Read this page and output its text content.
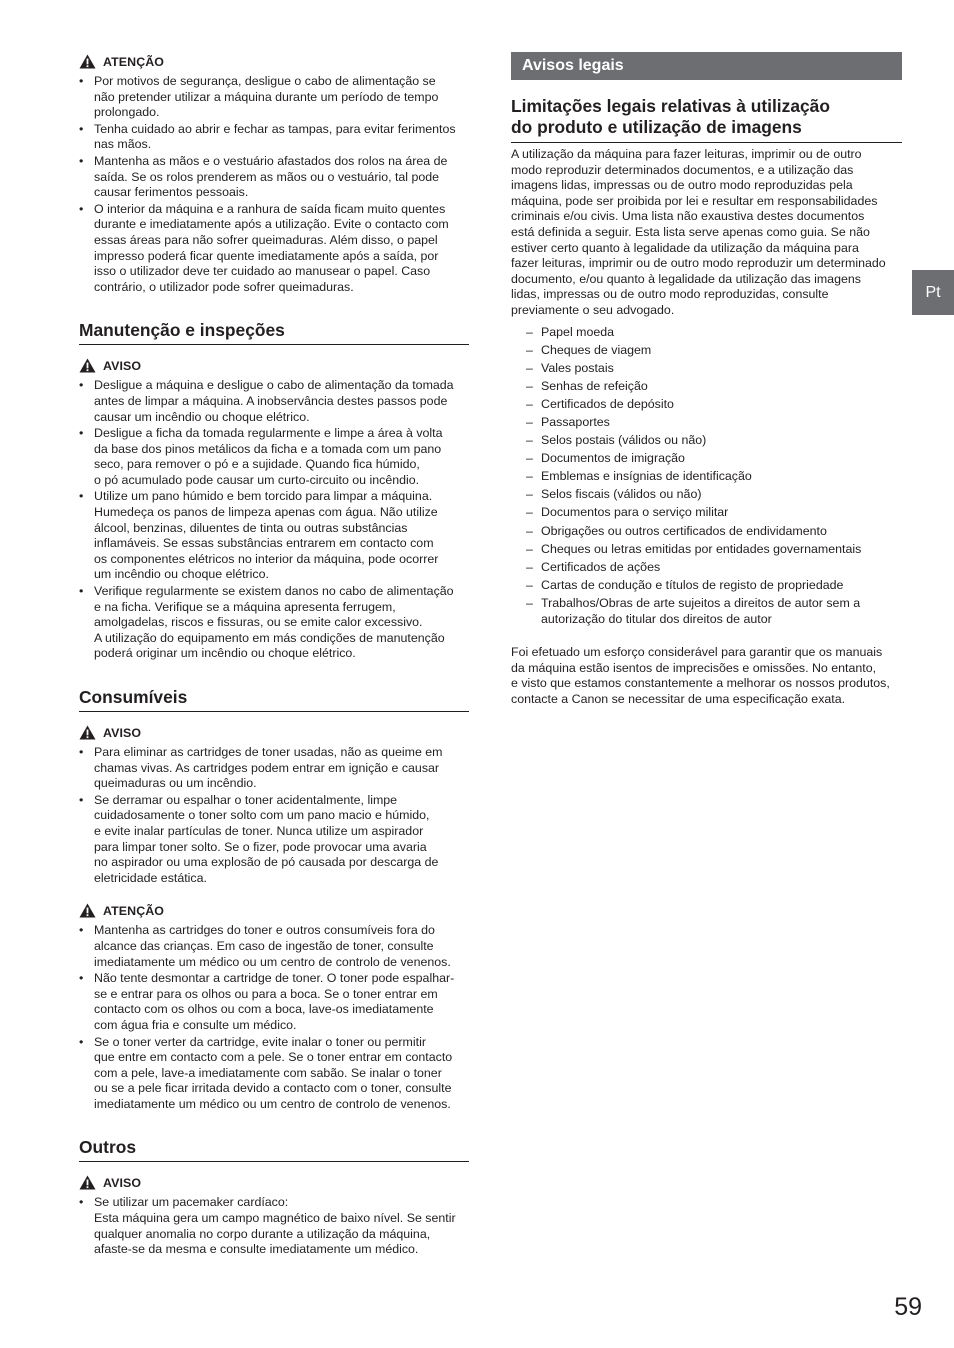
ATENÇÃO
• Por motivos de segurança, desligue o cabo de alimentação se
não pretender utilizar a máquina durante um período de tempo
prolongado.
• Tenha cuidado ao abrir e fechar as tampas, para evitar ferimentos
nas mãos.
• Mantenha as mãos e o vestuário afastados dos rolos na área de
saída. Se os rolos prenderem as mãos ou o vestuário, tal pode
causar ferimentos pessoais.
• O interior da máquina e a ranhura de saída ficam muito quentes
durante e imediatamente após a utilização. Evite o contacto com
essas áreas para não sofrer queimaduras. Além disso, o papel
impresso poderá ficar quente imediatamente após a saída, por
isso o utilizador deve ter cuidado ao manusear o papel. Caso
contrário, o utilizador pode sofrer queimaduras.
Manutenção e inspeções
AVISO
• Desligue a máquina e desligue o cabo de alimentação da tomada
antes de limpar a máquina. A inobservância destes passos pode
causar um incêndio ou choque elétrico.
• Desligue a ficha da tomada regularmente e limpe a área à volta
da base dos pinos metálicos da ficha e a tomada com um pano
seco, para remover o pó e a sujidade. Quando fica húmido,
o pó acumulado pode causar um curto-circuito ou incêndio.
• Utilize um pano húmido e bem torcido para limpar a máquina.
Humedeça os panos de limpeza apenas com água. Não utilize
álcool, benzinas, diluentes de tinta ou outras substâncias
inflamáveis. Se essas substâncias entrarem em contacto com
os componentes elétricos no interior da máquina, pode ocorrer
um incêndio ou choque elétrico.
• Verifique regularmente se existem danos no cabo de alimentação
e na ficha. Verifique se a máquina apresenta ferrugem,
amolgadelas, riscos e fissuras, ou se emite calor excessivo.
A utilização do equipamento em más condições de manutenção
poderá originar um incêndio ou choque elétrico.
Consumíveis
AVISO
• Para eliminar as cartridges de toner usadas, não as queime em
chamas vivas. As cartridges podem entrar em ignição e causar
queimaduras ou um incêndio.
• Se derramar ou espalhar o toner acidentalmente, limpe
cuidadosamente o toner solto com um pano macio e húmido,
e evite inalar partículas de toner. Nunca utilize um aspirador
para limpar toner solto. Se o fizer, pode provocar uma avaria
no aspirador ou uma explosão de pó causada por descarga de
eletricidade estática.
ATENÇÃO
• Mantenha as cartridges do toner e outros consumíveis fora do
alcance das crianças. Em caso de ingestão de toner, consulte
imediatamente um médico ou um centro de controlo de venenos.
• Não tente desmontar a cartridge de toner. O toner pode espalhar-
se e entrar para os olhos ou para a boca. Se o toner entrar em
contacto com os olhos ou com a boca, lave-os imediatamente
com água fria e consulte um médico.
• Se o toner verter da cartridge, evite inalar o toner ou permitir
que entre em contacto com a pele. Se o toner entrar em contacto
com a pele, lave-a imediatamente com sabão. Se inalar o toner
ou se a pele ficar irritada devido a contacto com o toner, consulte
imediatamente um médico ou um centro de controlo de venenos.
Outros
AVISO
• Se utilizar um pacemaker cardíaco:
Esta máquina gera um campo magnético de baixo nível. Se sentir
qualquer anomalia no corpo durante a utilização da máquina,
afaste-se da mesma e consulte imediatamente um médico.
Avisos legais
Limitações legais relativas à utilização
do produto e utilização de imagens
A utilização da máquina para fazer leituras, imprimir ou de outro
modo reproduzir determinados documentos, e a utilização das
imagens lidas, impressas ou de outro modo reproduzidas pela
máquina, pode ser proibida por lei e resultar em responsabilidades
criminais e/ou civis. Uma lista não exaustiva destes documentos
está definida a seguir. Esta lista serve apenas como guia. Se não
estiver certo quanto à legalidade da utilização da máquina para
fazer leituras, imprimir ou de outro modo reproduzir um determinado
documento, e/ou quanto à legalidade da utilização das imagens
lidas, impressas ou de outro modo reproduzidas, consulte
previamente o seu advogado.
– Papel moeda
– Cheques de viagem
– Vales postais
– Senhas de refeição
– Certificados de depósito
– Passaportes
– Selos postais (válidos ou não)
– Documentos de imigração
– Emblemas e insígnias de identificação
– Selos fiscais (válidos ou não)
– Documentos para o serviço militar
– Obrigações ou outros certificados de endividamento
– Cheques ou letras emitidas por entidades governamentais
– Certificados de ações
– Cartas de condução e títulos de registo de propriedade
– Trabalhos/Obras de arte sujeitos a direitos de autor sem a
autorização do titular dos direitos de autor
Foi efetuado um esforço considerável para garantir que os manuais
da máquina estão isentos de imprecisões e omissões. No entanto,
e visto que estamos constantemente a melhorar os nossos produtos,
contacte a Canon se necessitar de uma especificação exata.
Pt
59
